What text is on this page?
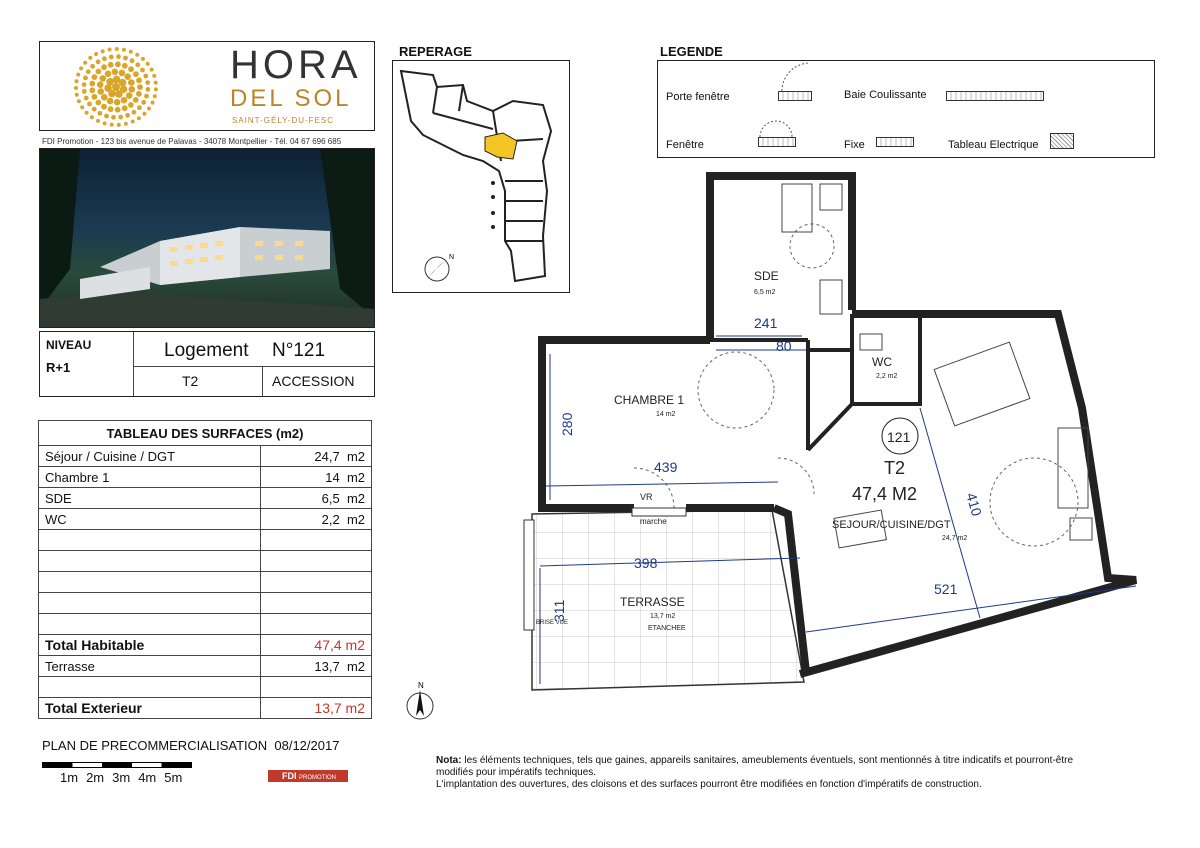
HORA
DEL SOL
SAINT-GÉLY-DU-FESC
FDI Promotion - 123 bis avenue de Palavas - 34078 Montpellier - Tél. 04 67 696 685
NIVEAU
R+1
Logement N°121
T2	ACCESSION
TABLEAU DES SURFACES (m2)	
Séjour / Cuisine / DGT	24,7 m2
Chambre 1	14 m2
SDE	6,5 m2
WC	2,2 m2

Total Habitable	47,4 m2
Terrasse	13,7 m2

Total Exterieur	13,7 m2
PLAN DE PRECOMMERCIALISATION 08/12/2017
1m 2m 3m 4m 5m	FDI PROMOTION
Nota: les éléments techniques, tels que gaines, appareils sanitaires, ameublements éventuels, sont mentionnés à titre indicatifs et pourront-être
modifiés pour impératifs techniques.
L'implantation des ouvertures, des cloisons et des surfaces pourront être modifiées en fonction d'impératifs de construction.
N
REPERAGE
N
LEGENDE
Porte fenêtre	Baie Coulissante
Fenêtre	Fixe	Tableau Electrique
241
80
280
439
398
311
521
410
SDE
6,5 m2
WC
2,2 m2
CHAMBRE 1
14 m2
SEJOUR/CUISINE/DGT
24,7 m2
TERRASSE
13,7 m2
ETANCHEE
BRISE VUE
121
T2
47,4 M2
VR
marche
